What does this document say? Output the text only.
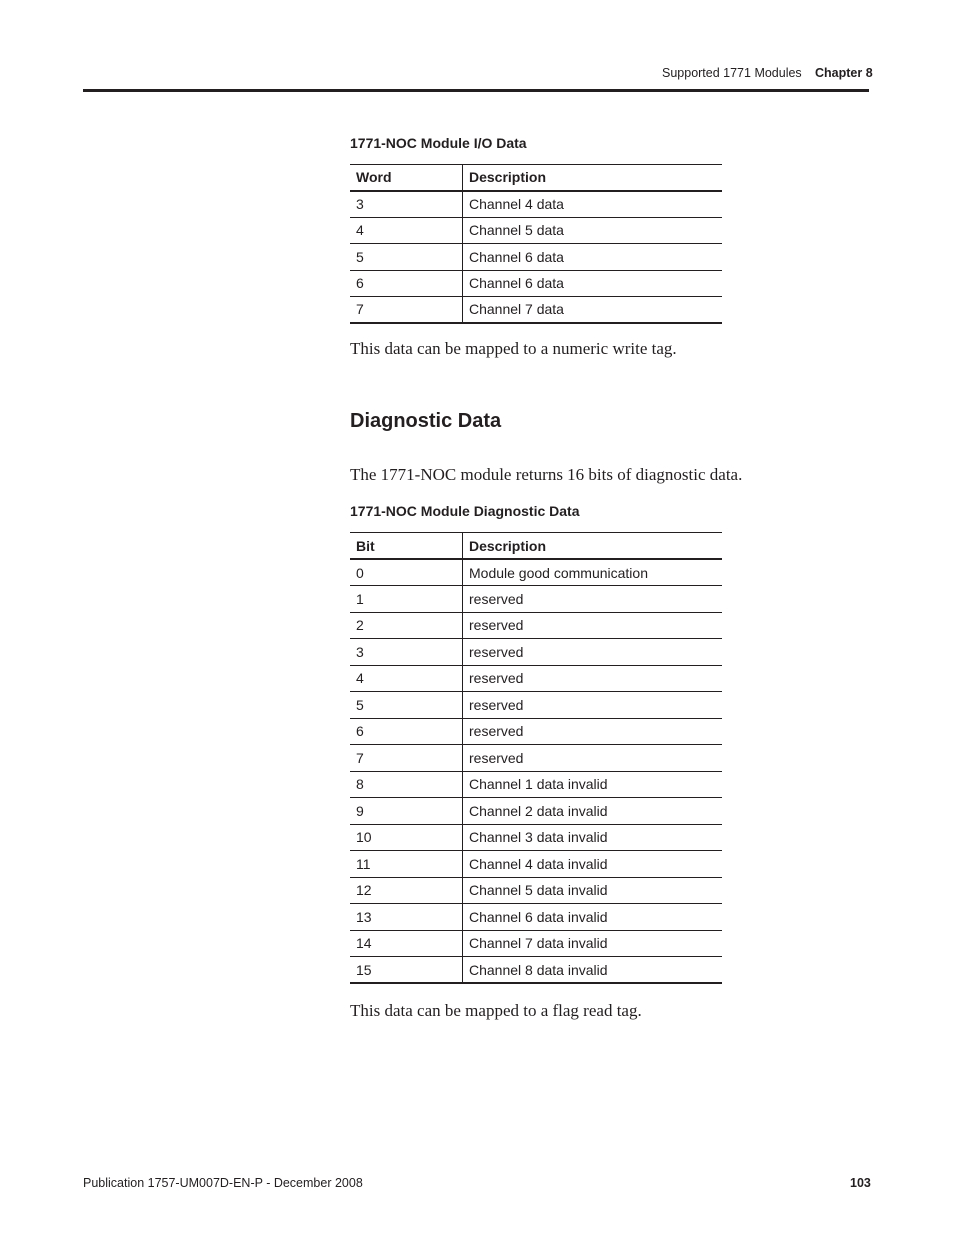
Supported 1771 Modules Chapter 8
1771-NOC Module I/O Data
Word	Description
3	Channel 4 data
4	Channel 5 data
5	Channel 6 data
6	Channel 6 data
7	Channel 7 data
This data can be mapped to a numeric write tag.
Diagnostic Data
The 1771-NOC module returns 16 bits of diagnostic data.
1771-NOC Module Diagnostic Data
Bit	Description
0	Module good communication
1	reserved
2	reserved
3	reserved
4	reserved
5	reserved
6	reserved
7	reserved
8	Channel 1 data invalid
9	Channel 2 data invalid
10	Channel 3 data invalid
11	Channel 4 data invalid
12	Channel 5 data invalid
13	Channel 6 data invalid
14	Channel 7 data invalid
15	Channel 8 data invalid
This data can be mapped to a flag read tag.
Publication 1757-UM007D-EN-P - December 2008	103
